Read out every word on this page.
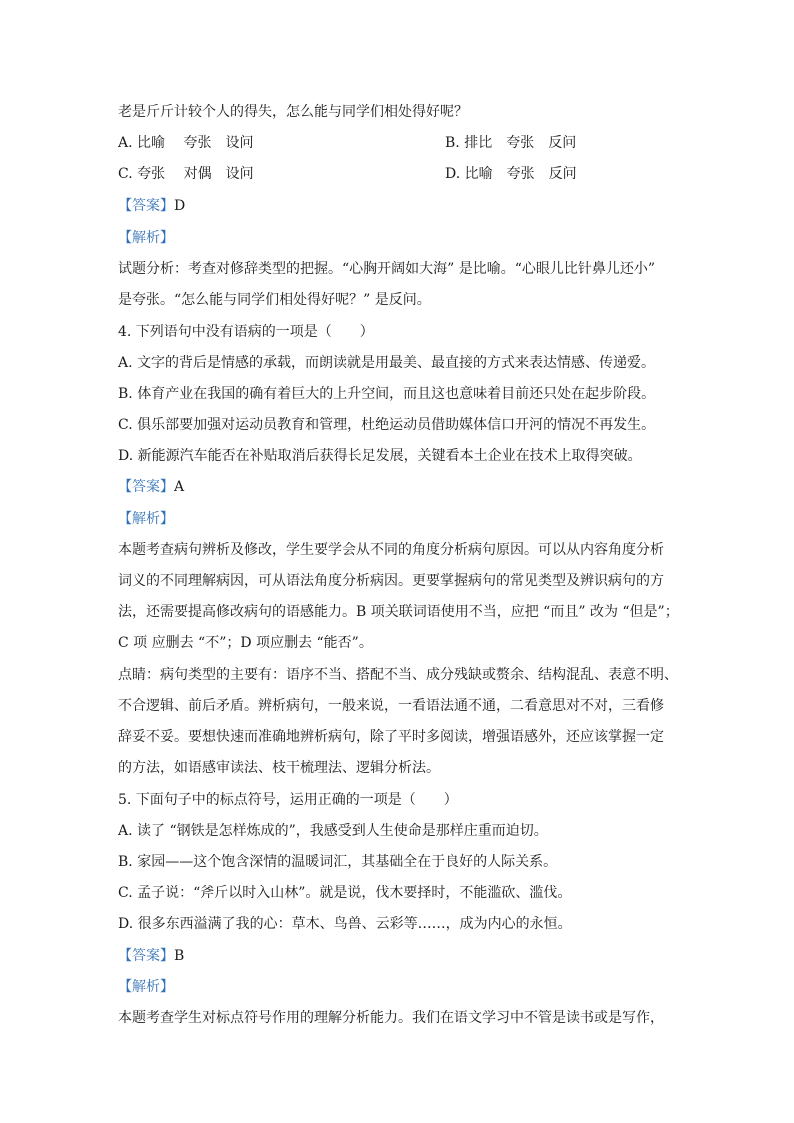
老是斤斤计较个人的得失，怎么能与同学们相处得好呢？
A. 比喻　 夸张　设问	B. 排比　夸张　反问
C. 夸张　 对偶　设问	D. 比喻　夸张　反问
【答案】D
【解析】
试题分析：考查对修辞类型的把握。“心胸开阔如大海” 是比喻。“心眼儿比针鼻儿还小”
是夸张。“怎么能与同学们相处得好呢？” 是反问。
4. 下列语句中没有语病的一项是（　　）
A. 文字的背后是情感的承载，而朗读就是用最美、最直接的方式来表达情感、传递爱。
B. 体育产业在我国的确有着巨大的上升空间，而且这也意味着目前还只处在起步阶段。
C. 俱乐部要加强对运动员教育和管理，杜绝运动员借助媒体信口开河的情况不再发生。
D. 新能源汽车能否在补贴取消后获得长足发展，关键看本土企业在技术上取得突破。
【答案】A
【解析】
本题考查病句辨析及修改，学生要学会从不同的角度分析病句原因。可以从内容角度分析
词义的不同理解病因，可从语法角度分析病因。更要掌握病句的常见类型及辨识病句的方
法，还需要提高修改病句的语感能力。B 项关联词语使用不当，应把 “而且” 改为 “但是”；
C 项 应删去 “不”；D 项应删去 “能否”。
点睛：病句类型的主要有：语序不当、搭配不当、成分残缺或赘余、结构混乱、表意不明、
不合逻辑、前后矛盾。辨析病句，一般来说，一看语法通不通，二看意思对不对，三看修
辞妥不妥。要想快速而准确地辨析病句，除了平时多阅读，增强语感外，还应该掌握一定
的方法，如语感审读法、枝干梳理法、逻辑分析法。
5. 下面句子中的标点符号，运用正确的一项是（　　）
A. 读了 “钢铁是怎样炼成的”，我感受到人生使命是那样庄重而迫切。
B. 家园——这个饱含深情的温暖词汇，其基础全在于良好的人际关系。
C. 孟子说：“斧斤以时入山林”。就是说，伐木要择时，不能滥砍、滥伐。
D. 很多东西溢满了我的心：草木、鸟兽、云彩等……，成为内心的永恒。
【答案】B
【解析】
本题考查学生对标点符号作用的理解分析能力。我们在语文学习中不管是读书或是写作，
